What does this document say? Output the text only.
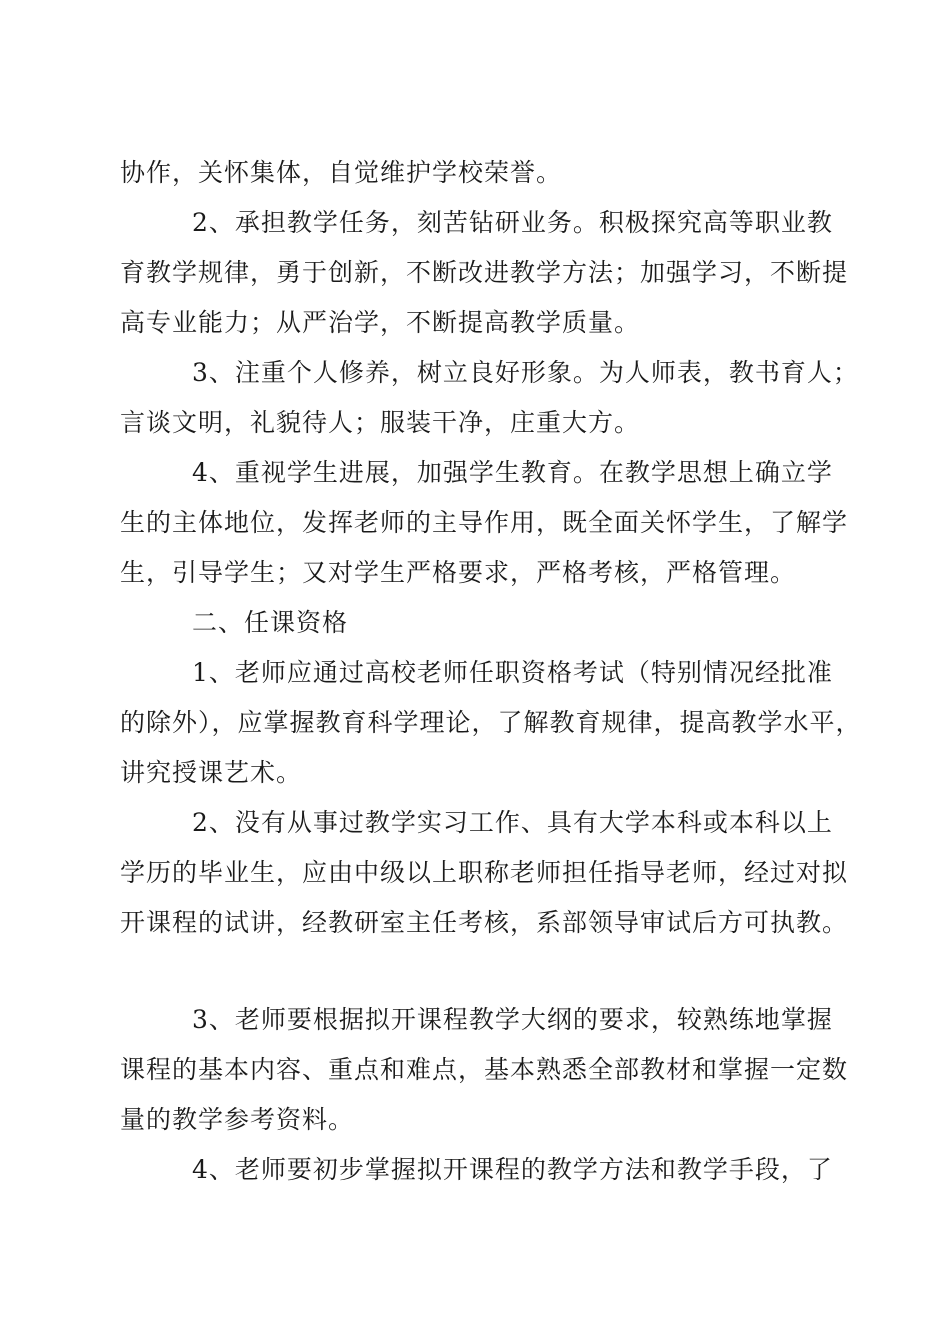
协作，关怀集体，自觉维护学校荣誉。
2、承担教学任务，刻苦钻研业务。积极探究高等职业教
育教学规律，勇于创新，不断改进教学方法；加强学习，不断提
高专业能力；从严治学，不断提高教学质量。
3、注重个人修养，树立良好形象。为人师表，教书育人；
言谈文明，礼貌待人；服装干净，庄重大方。
4、重视学生进展，加强学生教育。在教学思想上确立学
生的主体地位，发挥老师的主导作用，既全面关怀学生，了解学
生，引导学生；又对学生严格要求，严格考核，严格管理。
二、任课资格
1、老师应通过高校老师任职资格考试（特别情况经批准
的除外），应掌握教育科学理论，了解教育规律，提高教学水平，
讲究授课艺术。
2、没有从事过教学实习工作、具有大学本科或本科以上
学历的毕业生，应由中级以上职称老师担任指导老师，经过对拟
开课程的试讲，经教研室主任考核，系部领导审试后方可执教。
3、老师要根据拟开课程教学大纲的要求，较熟练地掌握
课程的基本内容、重点和难点，基本熟悉全部教材和掌握一定数
量的教学参考资料。
4、老师要初步掌握拟开课程的教学方法和教学手段，了
